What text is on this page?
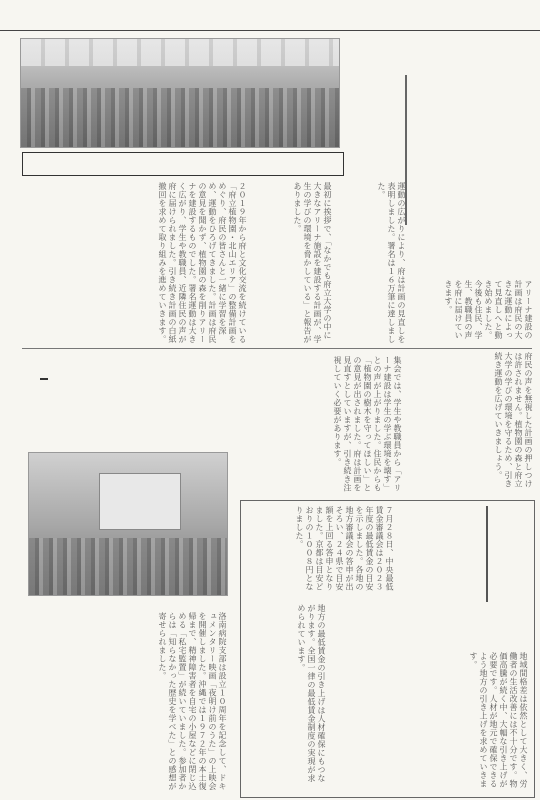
２０１９年から府と文化交流を続けている「府立植物園・北山エリア」の整備計画をめぐり、府民の皆さんと一緒に学習を深め、運動をひろげてきました。計画は府民の意見を聞かず、植物園の森を削りアリーナを建設するものでした。署名運動は大きく広がり、学生や教職員、近隣住民の声が府に届けられました。引き続き計画の白紙撤回を求めて取り組みを進めていきます。	最初に挨拶で、「なかでも府立大学の中に大きなアリーナ施設を建設する計画が、学生の学びの環境を脅かしている」と報告がありました。	運動の広がりにより、府は計画の見直しを表明しました。署名は１６万筆に達しました。
アリーナ建設の計画は府民の大きな運動によって見直しへと動き始めました。今後も住民、学生、教職員の声を府に届けていきます。
洛南病院支部は設立１０周年を記念して、ドキュメンタリー映画「夜明け前のうた」の上映会を開催しました。沖縄では１９７２年の本土復帰まで、精神障害者を自宅の小屋などに閉じ込める「私宅監置」が続いていました。参加者からは「知らなかった歴史を学べた」との感想が寄せられました。
７月２８日、中央最低賃金審議会は２０２３年度の最低賃金の目安を示しました。各地の地方審議会の答申が出そろい、２４県で目安額を上回る答申となりました。京都は目安どおりの１００８円となりました。
地方の最低賃金の引き上げは人材確保にもつながります。全国一律の最低賃金制度の実現が求められています。
地域間格差は依然として大きく、労働者の生活改善には不十分です。物価高騰が続く中、大幅な引き上げが必要です。人材が地元で確保できるよう地方の引き上げを求めていきます。
府民の声を無視した計画の押しつけは許されません。植物園の森と府立大学の学びの環境を守るため、引き続き運動を広げていきましょう。
集会では、学生や教職員から「アリーナ建設は学生の学ぶ環境を壊す」との声が上がりました。住民からも「植物園の樹木を守ってほしい」との意見が出されました。府は計画を見直すとしていますが、引き続き注視していく必要があります。
